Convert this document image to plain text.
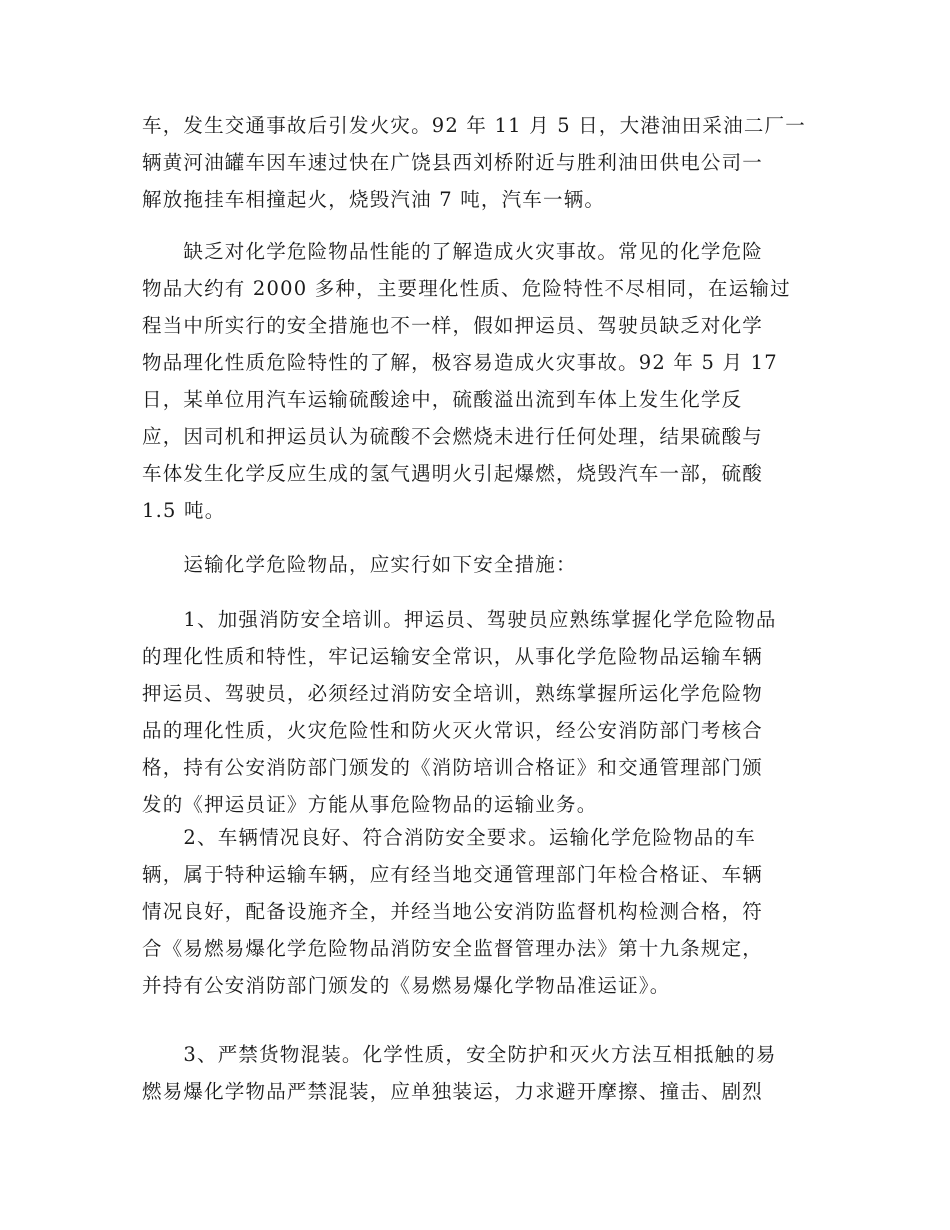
车，发生交通事故后引发火灾。92 年 11 月 5 日，大港油田采油二厂一
辆黄河油罐车因车速过快在广饶县西刘桥附近与胜利油田供电公司一
解放拖挂车相撞起火，烧毁汽油 7 吨，汽车一辆。
　　缺乏对化学危险物品性能的了解造成火灾事故。常见的化学危险
物品大约有 2000 多种，主要理化性质、危险特性不尽相同，在运输过
程当中所实行的安全措施也不一样，假如押运员、驾驶员缺乏对化学
物品理化性质危险特性的了解，极容易造成火灾事故。92 年 5 月 17
日，某单位用汽车运输硫酸途中，硫酸溢出流到车体上发生化学反
应，因司机和押运员认为硫酸不会燃烧未进行任何处理，结果硫酸与
车体发生化学反应生成的氢气遇明火引起爆燃，烧毁汽车一部，硫酸
1.5 吨。
　　运输化学危险物品，应实行如下安全措施：
　　1、加强消防安全培训。押运员、驾驶员应熟练掌握化学危险物品
的理化性质和特性，牢记运输安全常识，从事化学危险物品运输车辆
押运员、驾驶员，必须经过消防安全培训，熟练掌握所运化学危险物
品的理化性质，火灾危险性和防火灭火常识，经公安消防部门考核合
格，持有公安消防部门颁发的《消防培训合格证》和交通管理部门颁
发的《押运员证》方能从事危险物品的运输业务。
　　2、车辆情况良好、符合消防安全要求。运输化学危险物品的车
辆，属于特种运输车辆，应有经当地交通管理部门年检合格证、车辆
情况良好，配备设施齐全，并经当地公安消防监督机构检测合格，符
合《易燃易爆化学危险物品消防安全监督管理办法》第十九条规定，
并持有公安消防部门颁发的《易燃易爆化学物品准运证》。
　　3、严禁货物混装。化学性质，安全防护和灭火方法互相抵触的易
燃易爆化学物品严禁混装，应单独装运，力求避开摩擦、撞击、剧烈
